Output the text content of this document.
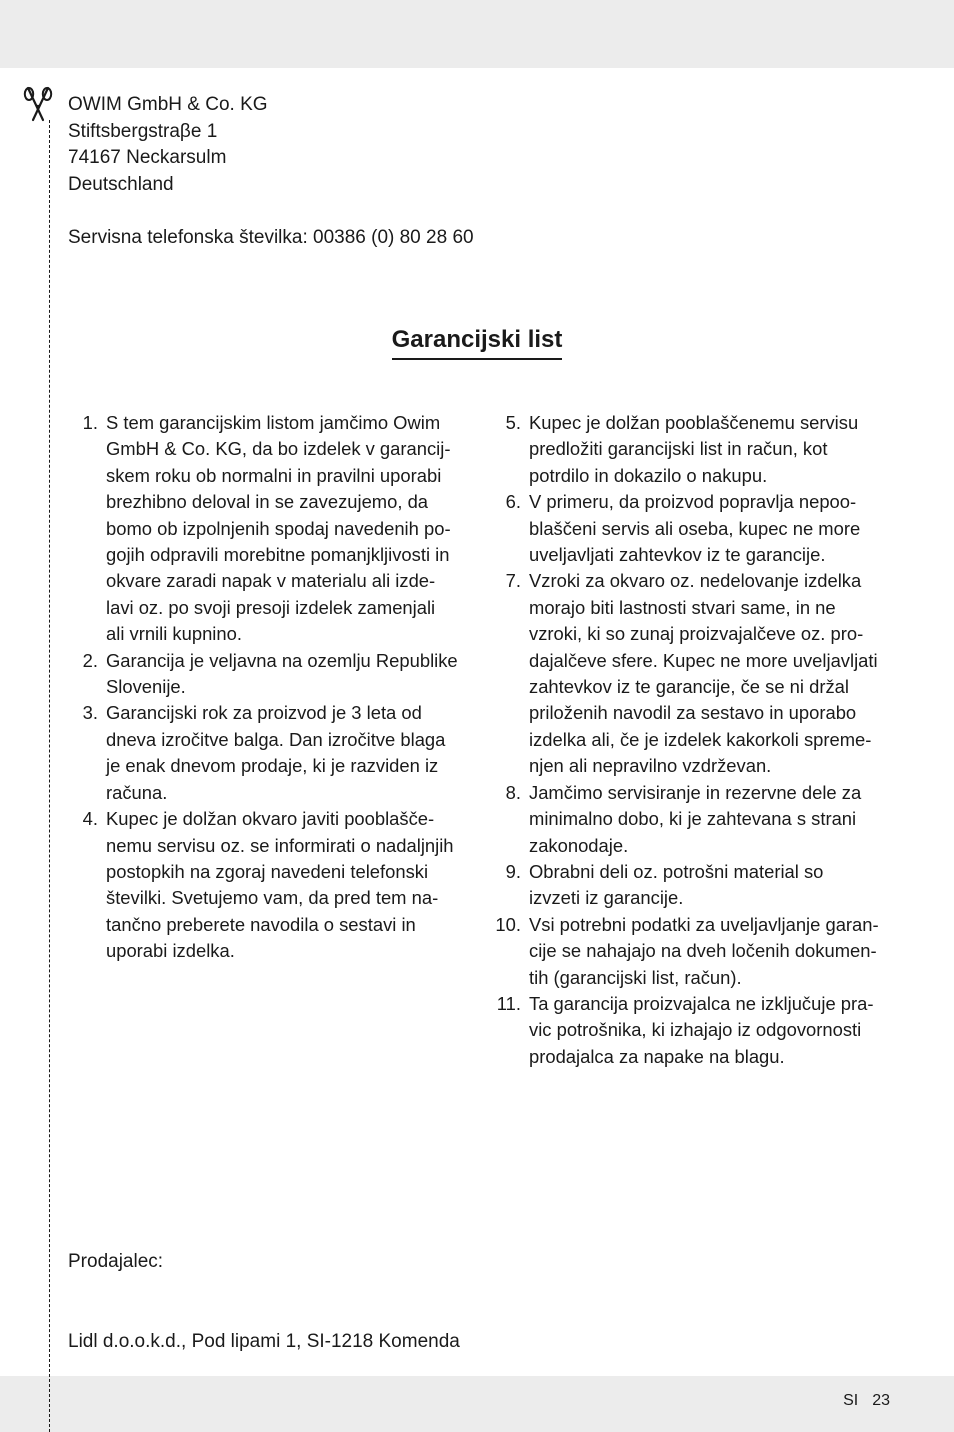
OWIM GmbH & Co. KG
Stiftsbergstraβe 1
74167 Neckarsulm
Deutschland
Servisna telefonska številka: 00386 (0) 80 28 60
Garancijski list
1. S tem garancijskim listom jamčimo Owim
GmbH & Co. KG, da bo izdelek v garancij-
skem roku ob normalni in pravilni uporabi
brezhibno deloval in se zavezujemo, da
bomo ob izpolnjenih spodaj navedenih po-
gojih odpravili morebitne pomanjkljivosti in
okvare zaradi napak v materialu ali izde-
lavi oz. po svoji presoji izdelek zamenjali
ali vrnili kupnino.
2. Garancija je veljavna na ozemlju Republike
Slovenije.
3. Garancijski rok za proizvod je 3 leta od
dneva izročitve balga. Dan izročitve blaga
je enak dnevom prodaje, ki je razviden iz
računa.
4. Kupec je dolžan okvaro javiti pooblašče-
nemu servisu oz. se informirati o nadaljnjih
postopkih na zgoraj navedeni telefonski
številki. Svetujemo vam, da pred tem na-
tančno preberete navodila o sestavi in
uporabi izdelka.
5. Kupec je dolžan pooblaščenemu servisu
predložiti garancijski list in račun, kot
potrdilo in dokazilo o nakupu.
6. V primeru, da proizvod popravlja nepoo-
blaščeni servis ali oseba, kupec ne more
uveljavljati zahtevkov iz te garancije.
7. Vzroki za okvaro oz. nedelovanje izdelka
morajo biti lastnosti stvari same, in ne
vzroki, ki so zunaj proizvajalčeve oz. pro-
dajalčeve sfere. Kupec ne more uveljavljati
zahtevkov iz te garancije, če se ni držal
priloženih navodil za sestavo in uporabo
izdelka ali, če je izdelek kakorkoli spreme-
njen ali nepravilno vzdrževan.
8. Jamčimo servisiranje in rezervne dele za
minimalno dobo, ki je zahtevana s strani
zakonodaje.
9. Obrabni deli oz. potrošni material so
izvzeti iz garancije.
10. Vsi potrebni podatki za uveljavljanje garan-
cije se nahajajo na dveh ločenih dokumen-
tih (garancijski list, račun).
11. Ta garancija proizvajalca ne izključuje pra-
vic potrošnika, ki izhajajo iz odgovornosti
prodajalca za napake na blagu.
Prodajalec:
Lidl d.o.o.k.d., Pod lipami 1, SI-1218 Komenda
SI 23
